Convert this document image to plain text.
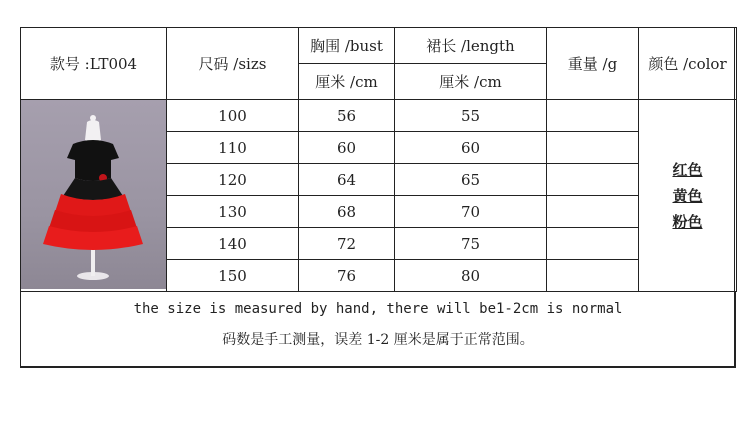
款号 :LT004	尺码 /sizs	胸围 /bust	裙长 /length	重量 /g	颜色 /color
		厘米 /cm	厘米 /cm		
	100	56	55		红色
黄色
粉色

	110	60	60		
	120	64	65		
	130	68	70		
	140	72	75		
	150	76	80		
the size is measured by hand, there will be1-2cm is normal
码数是手工测量，误差 1-2 厘米是属于正常范围。
